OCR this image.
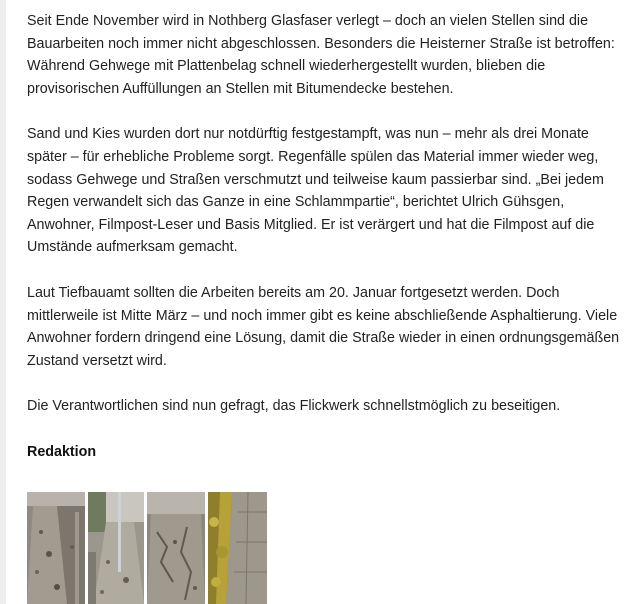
Seit Ende November wird in Nothberg Glasfaser verlegt – doch an vielen Stellen sind die Bauarbeiten noch immer nicht abgeschlossen. Besonders die Heisterner Straße ist betroffen: Während Gehwege mit Plattenbelag schnell wiederhergestellt wurden, blieben die provisorischen Auffüllungen an Stellen mit Bitumendecke bestehen.

Sand und Kies wurden dort nur notdürftig festgestampft, was nun – mehr als drei Monate später – für erhebliche Probleme sorgt. Regenfälle spülen das Material immer wieder weg, sodass Gehwege und Straßen verschmutzt und teilweise kaum passierbar sind. „Bei jedem Regen verwandelt sich das Ganze in eine Schlammpartie“, berichtet Ulrich Gühsgen, Anwohner, Filmpost-Leser und Basis Mitglied. Er ist verärgert und hat die Filmpost auf die Umstände aufmerksam gemacht.

Laut Tiefbauamt sollten die Arbeiten bereits am 20. Januar fortgesetzt werden. Doch mittlerweile ist Mitte März – und noch immer gibt es keine abschließende Asphaltierung. Viele Anwohner fordern dringend eine Lösung, damit die Straße wieder in einen ordnungsgemäßen Zustand versetzt wird.

Die Verantwortlichen sind nun gefragt, das Flickwerk schnellstmöglich zu beseitigen.

Redaktion
